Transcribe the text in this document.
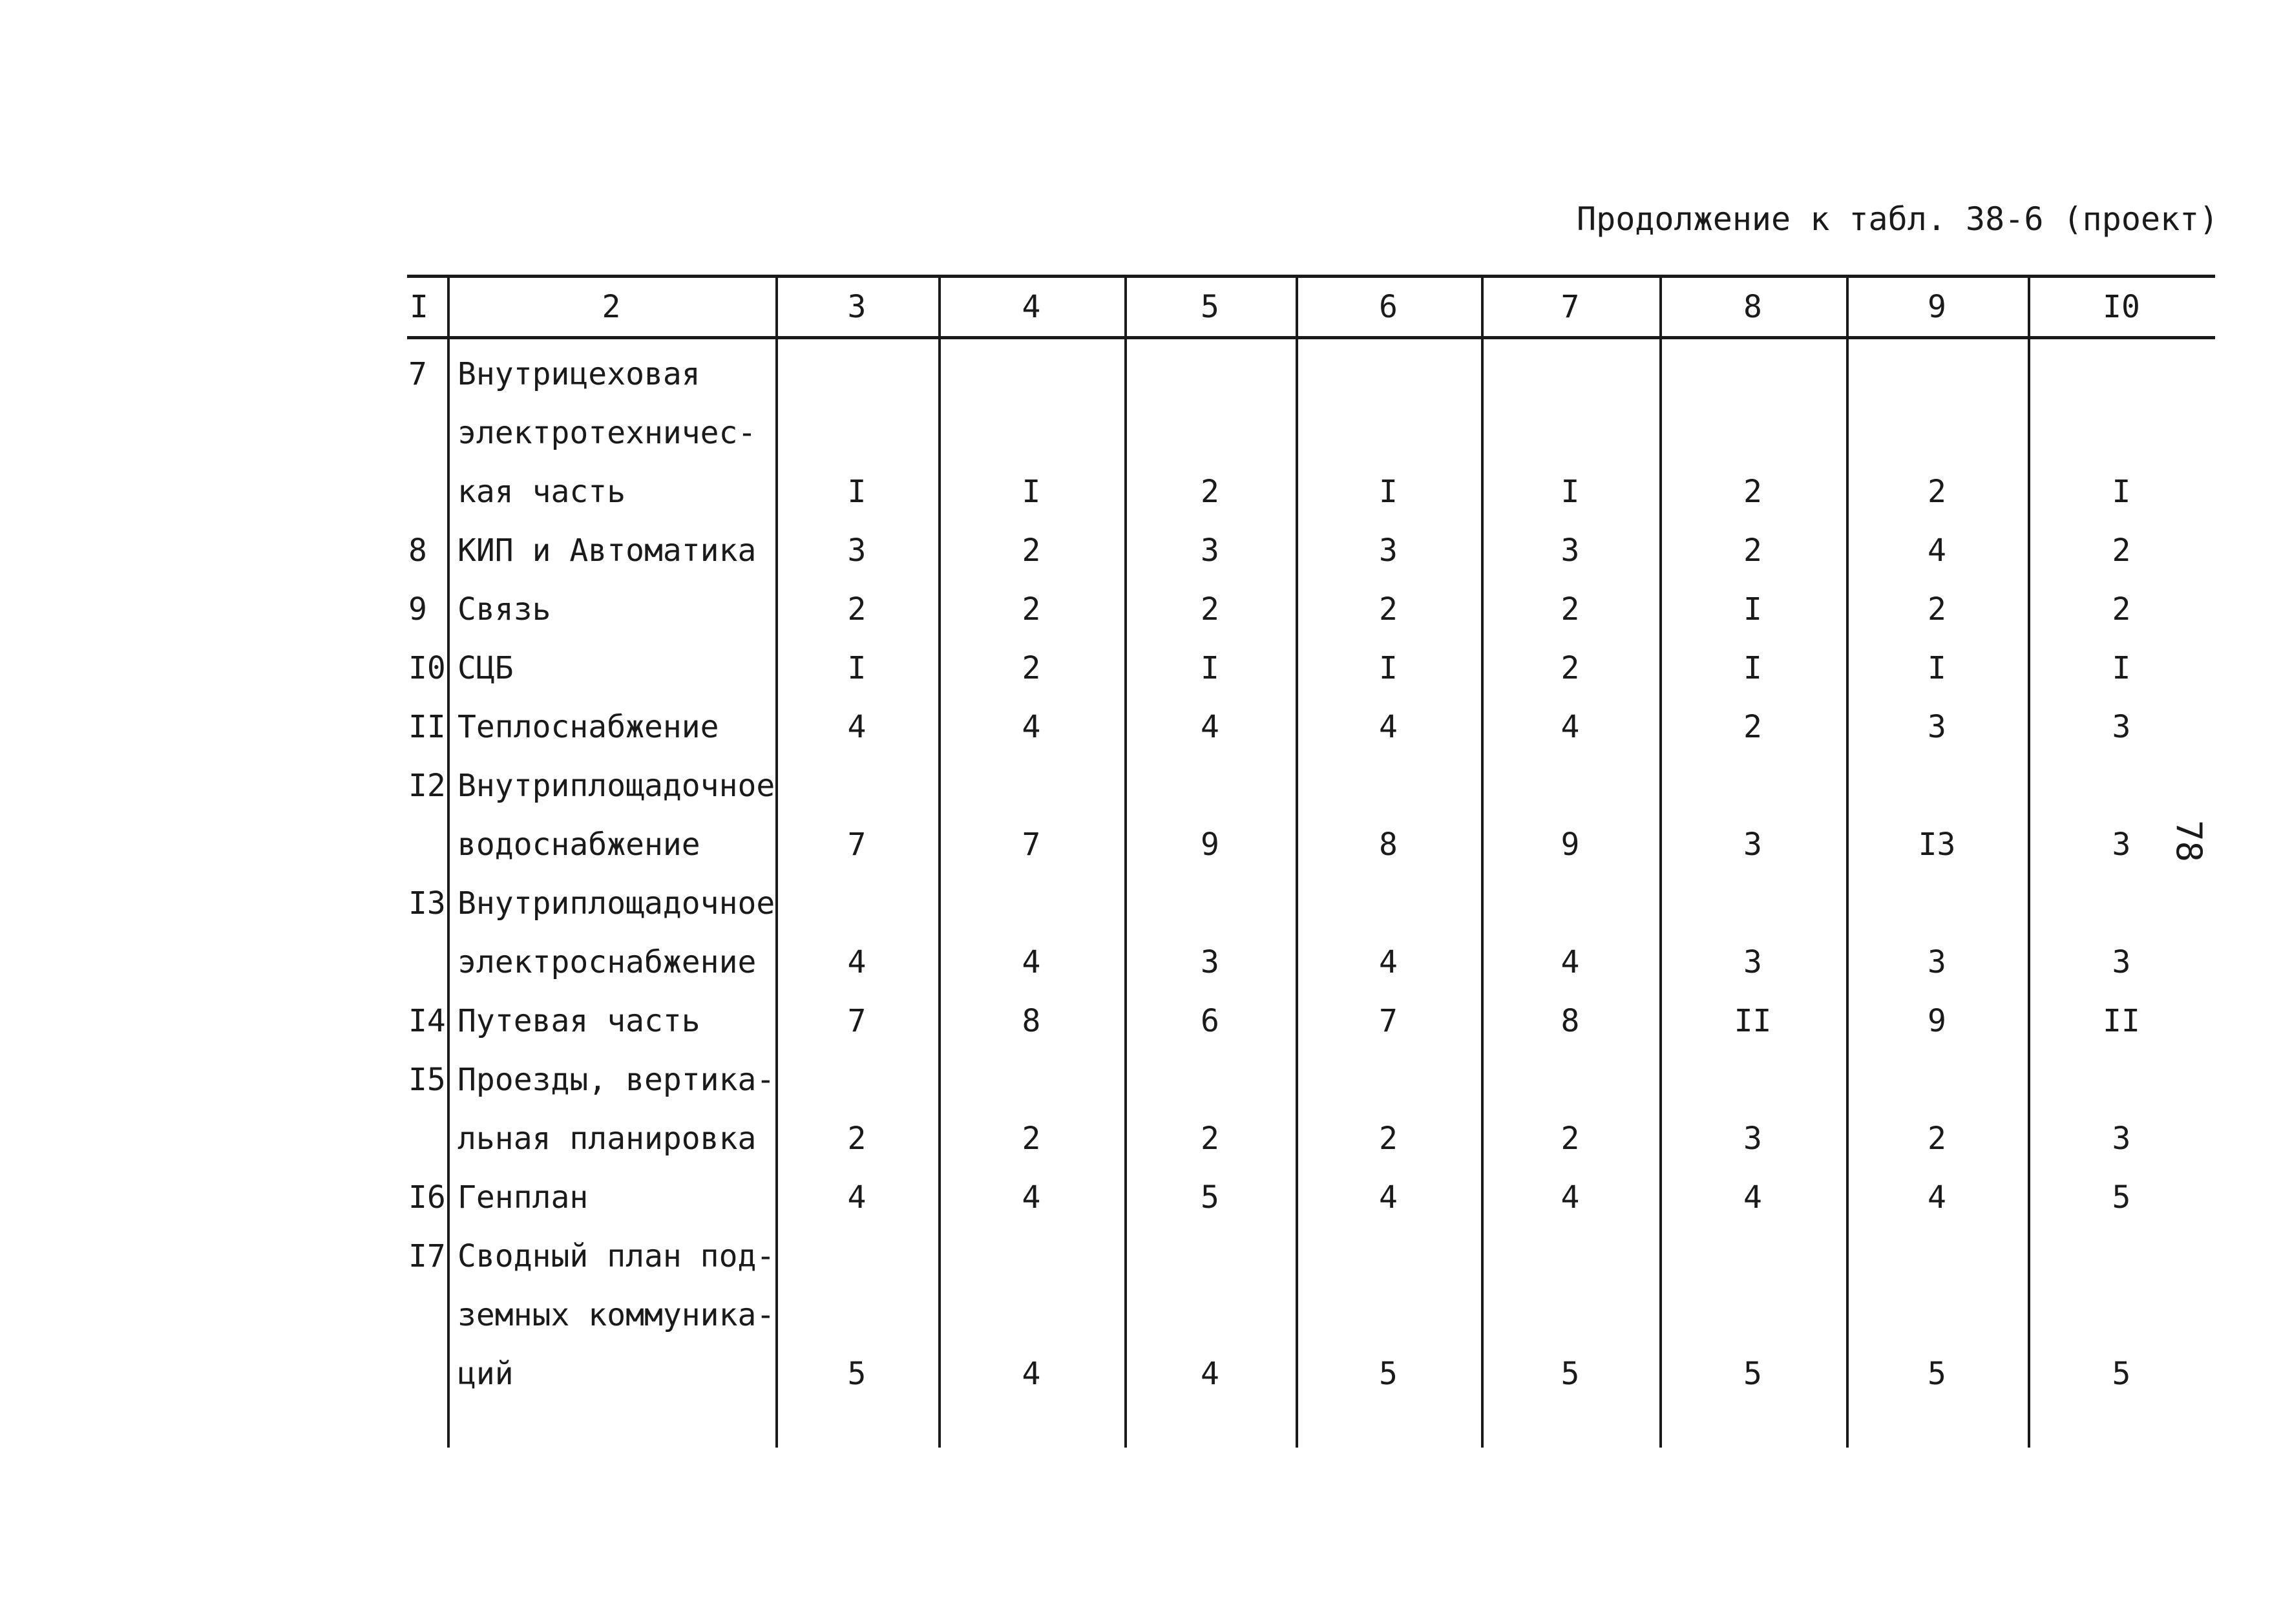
Продолжение к табл. 38-6 (проект)
78
I	2	3	4	5	6	7	8	9	I0
7 Внутрицеховая
электротехничес-
кая часть	I	I	2	I	I	2	2	I
8 КИП и Автоматика	3	2	3	3	3	2	4	2
9 Связь	2	2	2	2	2	I	2	2
I0 СЦБ	I	2	I	I	2	I	I	I
II Теплоснабжение	4	4	4	4	4	2	3	3
I2 Внутриплощадочное
водоснабжение	7	7	9	8	9	3	I3	3
I3 Внутриплощадочное
электроснабжение	4	4	3	4	4	3	3	3
I4 Путевая часть	7	8	6	7	8	II	9	II
I5 Проезды, вертика-
льная планировка	2	2	2	2	2	3	2	3
I6 Генплан	4	4	5	4	4	4	4	5
I7 Сводный план под-
земных коммуника-
ций	5	4	4	5	5	5	5	5
